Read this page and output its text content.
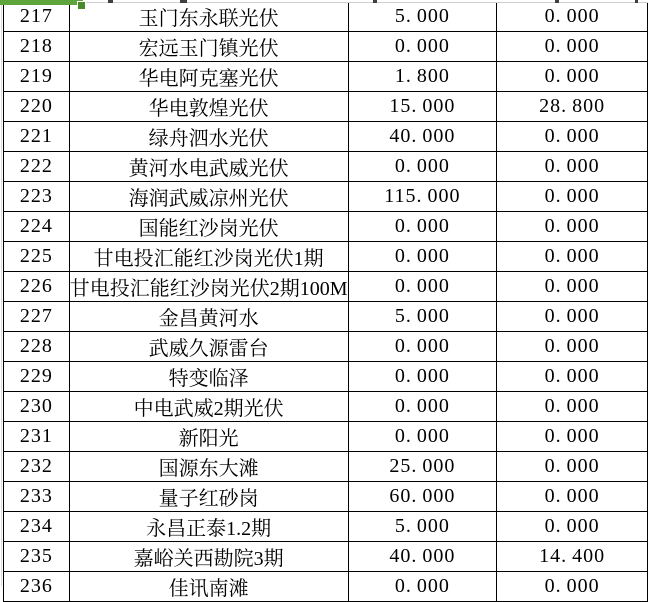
217	玉门东永联光伏	5. 000	0. 000
218	宏远玉门镇光伏	0. 000	0. 000
219	华电阿克塞光伏	1. 800	0. 000
220	华电敦煌光伏	15. 000	28. 800
221	绿舟泗水光伏	40. 000	0. 000
222	黄河水电武威光伏	0. 000	0. 000
223	海润武威凉州光伏	115. 000	0. 000
224	国能红沙岗光伏	0. 000	0. 000
225	甘电投汇能红沙岗光伏1期	0. 000	0. 000
226	甘电投汇能红沙岗光伏2期100M	0. 000	0. 000
227	金昌黄河水	5. 000	0. 000
228	武威久源雷台	0. 000	0. 000
229	特变临泽	0. 000	0. 000
230	中电武威2期光伏	0. 000	0. 000
231	新阳光	0. 000	0. 000
232	国源东大滩	25. 000	0. 000
233	量子红砂岗	60. 000	0. 000
234	永昌正泰1.2期	5. 000	0. 000
235	嘉峪关西勘院3期	40. 000	14. 400
236	佳讯南滩	0. 000	0. 000
